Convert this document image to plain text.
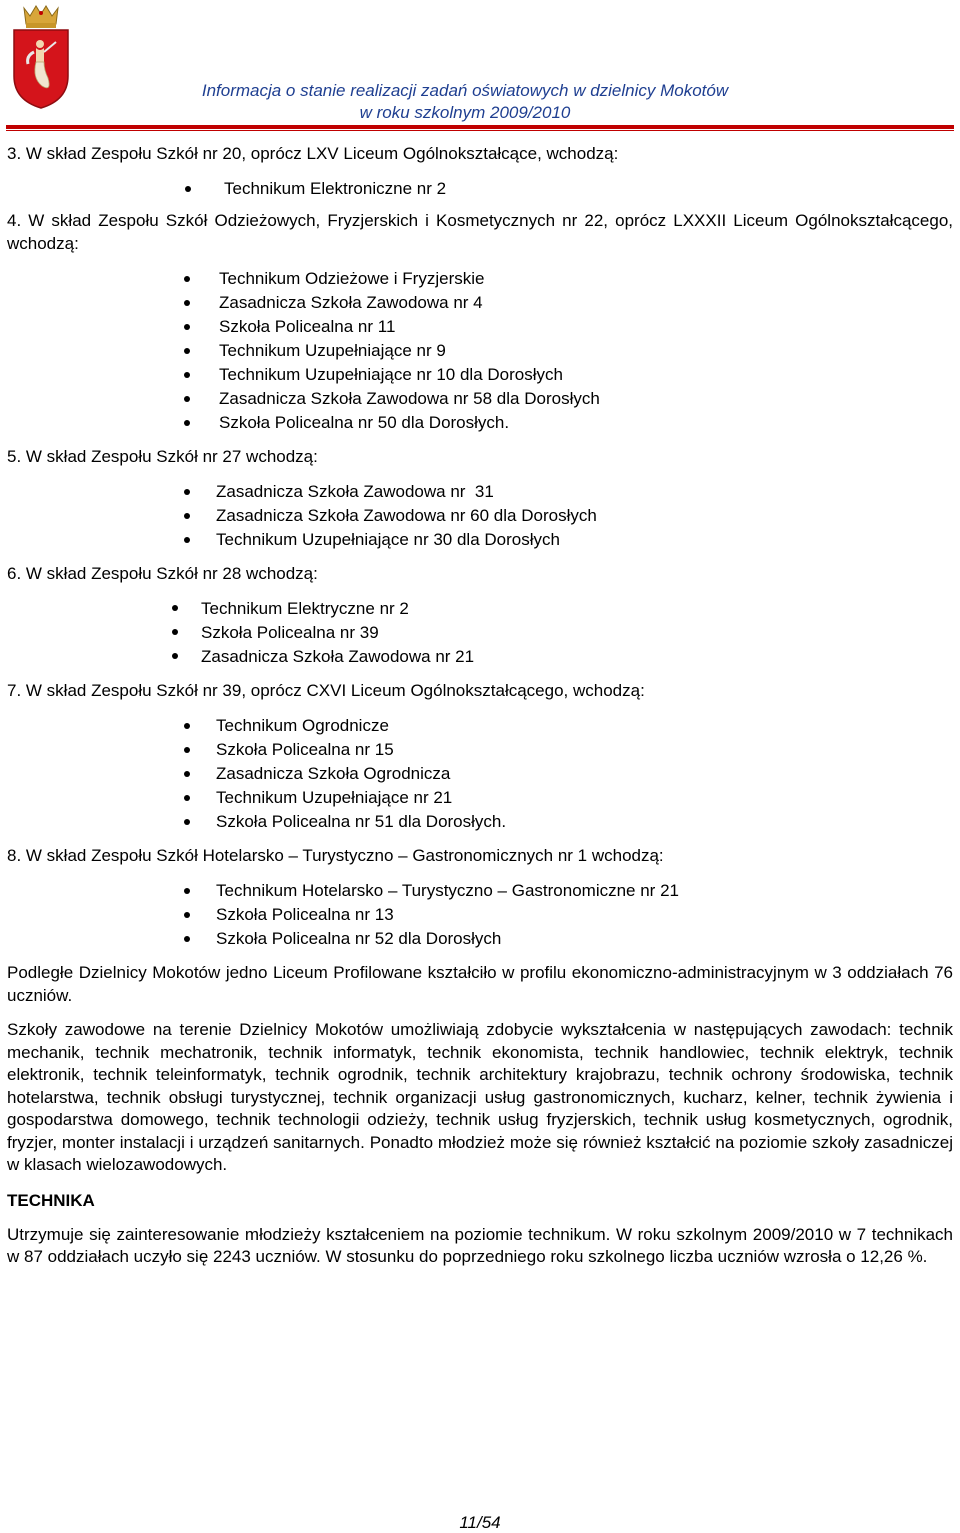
Informacja o stanie realizacji zadań oświatowych w dzielnicy Mokotów
w roku szkolnym 2009/2010

3. W skład Zespołu Szkół nr 20, oprócz LXV Liceum Ogólnokształcące, wchodzą:

Technikum Elektroniczne nr 2

4. W skład Zespołu Szkół Odzieżowych, Fryzjerskich i Kosmetycznych nr 22, oprócz LXXXII Liceum Ogólnokształcącego, wchodzą:

Technikum Odzieżowe i Fryzjerskie
Zasadnicza Szkoła Zawodowa nr 4
Szkoła Policealna nr 11
Technikum Uzupełniające nr 9
Technikum Uzupełniające nr 10 dla Dorosłych
Zasadnicza Szkoła Zawodowa nr 58 dla Dorosłych
Szkoła Policealna nr 50 dla Dorosłych.

5. W skład Zespołu Szkół nr 27 wchodzą:

Zasadnicza Szkoła Zawodowa nr  31
Zasadnicza Szkoła Zawodowa nr 60 dla Dorosłych
Technikum Uzupełniające nr 30 dla Dorosłych

6. W skład Zespołu Szkół nr 28 wchodzą:

Technikum Elektryczne nr 2
Szkoła Policealna nr 39
Zasadnicza Szkoła Zawodowa nr 21

7. W skład Zespołu Szkół nr 39, oprócz CXVI Liceum Ogólnokształcącego, wchodzą:

Technikum Ogrodnicze
Szkoła Policealna nr 15
Zasadnicza Szkoła Ogrodnicza
Technikum Uzupełniające nr 21
Szkoła Policealna nr 51 dla Dorosłych.

8. W skład Zespołu Szkół Hotelarsko – Turystyczno – Gastronomicznych nr 1 wchodzą:

Technikum Hotelarsko – Turystyczno – Gastronomiczne nr 21
Szkoła Policealna nr 13
Szkoła Policealna nr 52 dla Dorosłych

Podległe Dzielnicy Mokotów jedno Liceum Profilowane kształciło w profilu ekonomiczno-administracyjnym w 3 oddziałach 76 uczniów.

Szkoły zawodowe na terenie Dzielnicy Mokotów umożliwiają zdobycie wykształcenia w następujących zawodach: technik mechanik, technik mechatronik, technik informatyk, technik ekonomista, technik handlowiec, technik elektryk, technik elektronik, technik teleinformatyk, technik ogrodnik, technik architektury krajobrazu, technik ochrony środowiska, technik hotelarstwa, technik obsługi turystycznej, technik organizacji usług gastronomicznych, kucharz, kelner, technik żywienia i gospodarstwa domowego, technik technologii odzieży, technik usług fryzjerskich, technik usług kosmetycznych, ogrodnik, fryzjer, monter instalacji i urządzeń sanitarnych. Ponadto młodzież może się również kształcić na poziomie szkoły zasadniczej w klasach wielozawodowych.

TECHNIKA

Utrzymuje się zainteresowanie młodzieży kształceniem na poziomie technikum. W roku szkolnym 2009/2010 w 7 technikach w 87 oddziałach uczyło się 2243 uczniów. W stosunku do poprzedniego roku szkolnego liczba uczniów wzrosła o 12,26 %.

11/54
